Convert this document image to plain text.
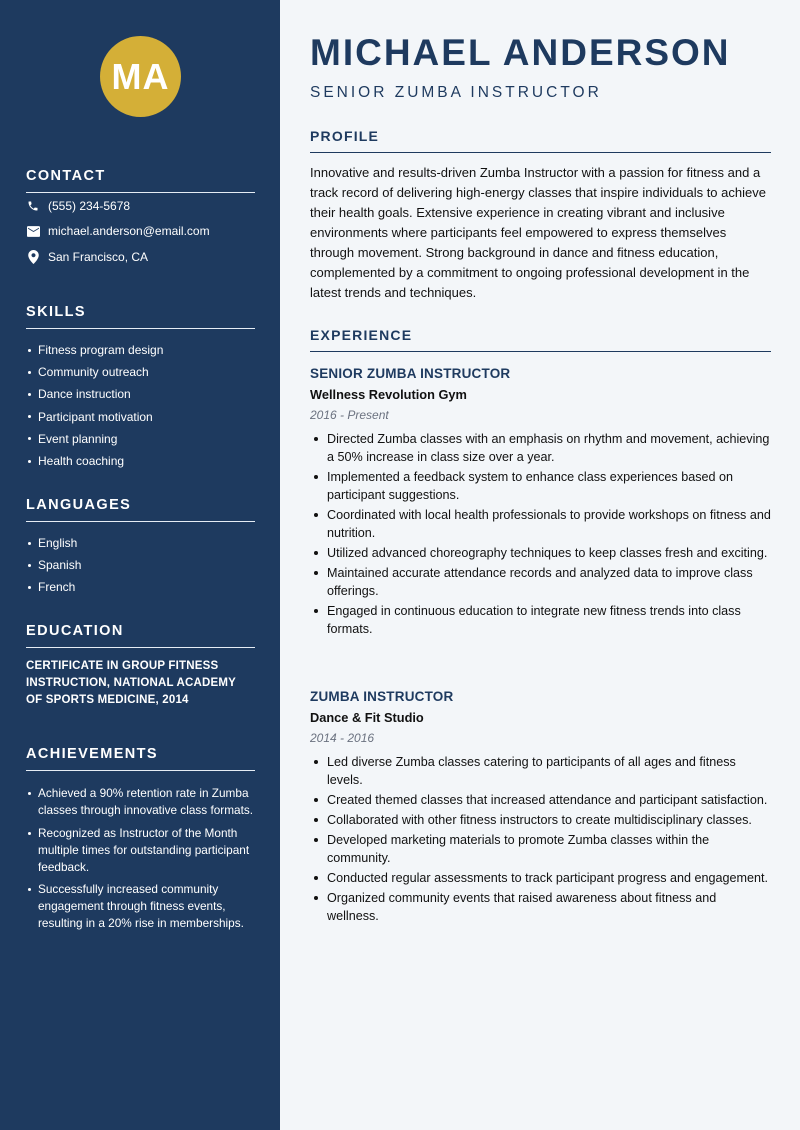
MA
CONTACT
(555) 234-5678
michael.anderson@email.com
San Francisco, CA
SKILLS
Fitness program design
Community outreach
Dance instruction
Participant motivation
Event planning
Health coaching
LANGUAGES
English
Spanish
French
EDUCATION
CERTIFICATE IN GROUP FITNESS INSTRUCTION, NATIONAL ACADEMY OF SPORTS MEDICINE, 2014
ACHIEVEMENTS
Achieved a 90% retention rate in Zumba classes through innovative class formats.
Recognized as Instructor of the Month multiple times for outstanding participant feedback.
Successfully increased community engagement through fitness events, resulting in a 20% rise in memberships.
MICHAEL ANDERSON
SENIOR ZUMBA INSTRUCTOR
PROFILE
Innovative and results-driven Zumba Instructor with a passion for fitness and a track record of delivering high-energy classes that inspire individuals to achieve their health goals. Extensive experience in creating vibrant and inclusive environments where participants feel empowered to express themselves through movement. Strong background in dance and fitness education, complemented by a commitment to ongoing professional development in the latest trends and techniques.
EXPERIENCE
SENIOR ZUMBA INSTRUCTOR
Wellness Revolution Gym
2016 - Present
Directed Zumba classes with an emphasis on rhythm and movement, achieving a 50% increase in class size over a year.
Implemented a feedback system to enhance class experiences based on participant suggestions.
Coordinated with local health professionals to provide workshops on fitness and nutrition.
Utilized advanced choreography techniques to keep classes fresh and exciting.
Maintained accurate attendance records and analyzed data to improve class offerings.
Engaged in continuous education to integrate new fitness trends into class formats.
ZUMBA INSTRUCTOR
Dance & Fit Studio
2014 - 2016
Led diverse Zumba classes catering to participants of all ages and fitness levels.
Created themed classes that increased attendance and participant satisfaction.
Collaborated with other fitness instructors to create multidisciplinary classes.
Developed marketing materials to promote Zumba classes within the community.
Conducted regular assessments to track participant progress and engagement.
Organized community events that raised awareness about fitness and wellness.
